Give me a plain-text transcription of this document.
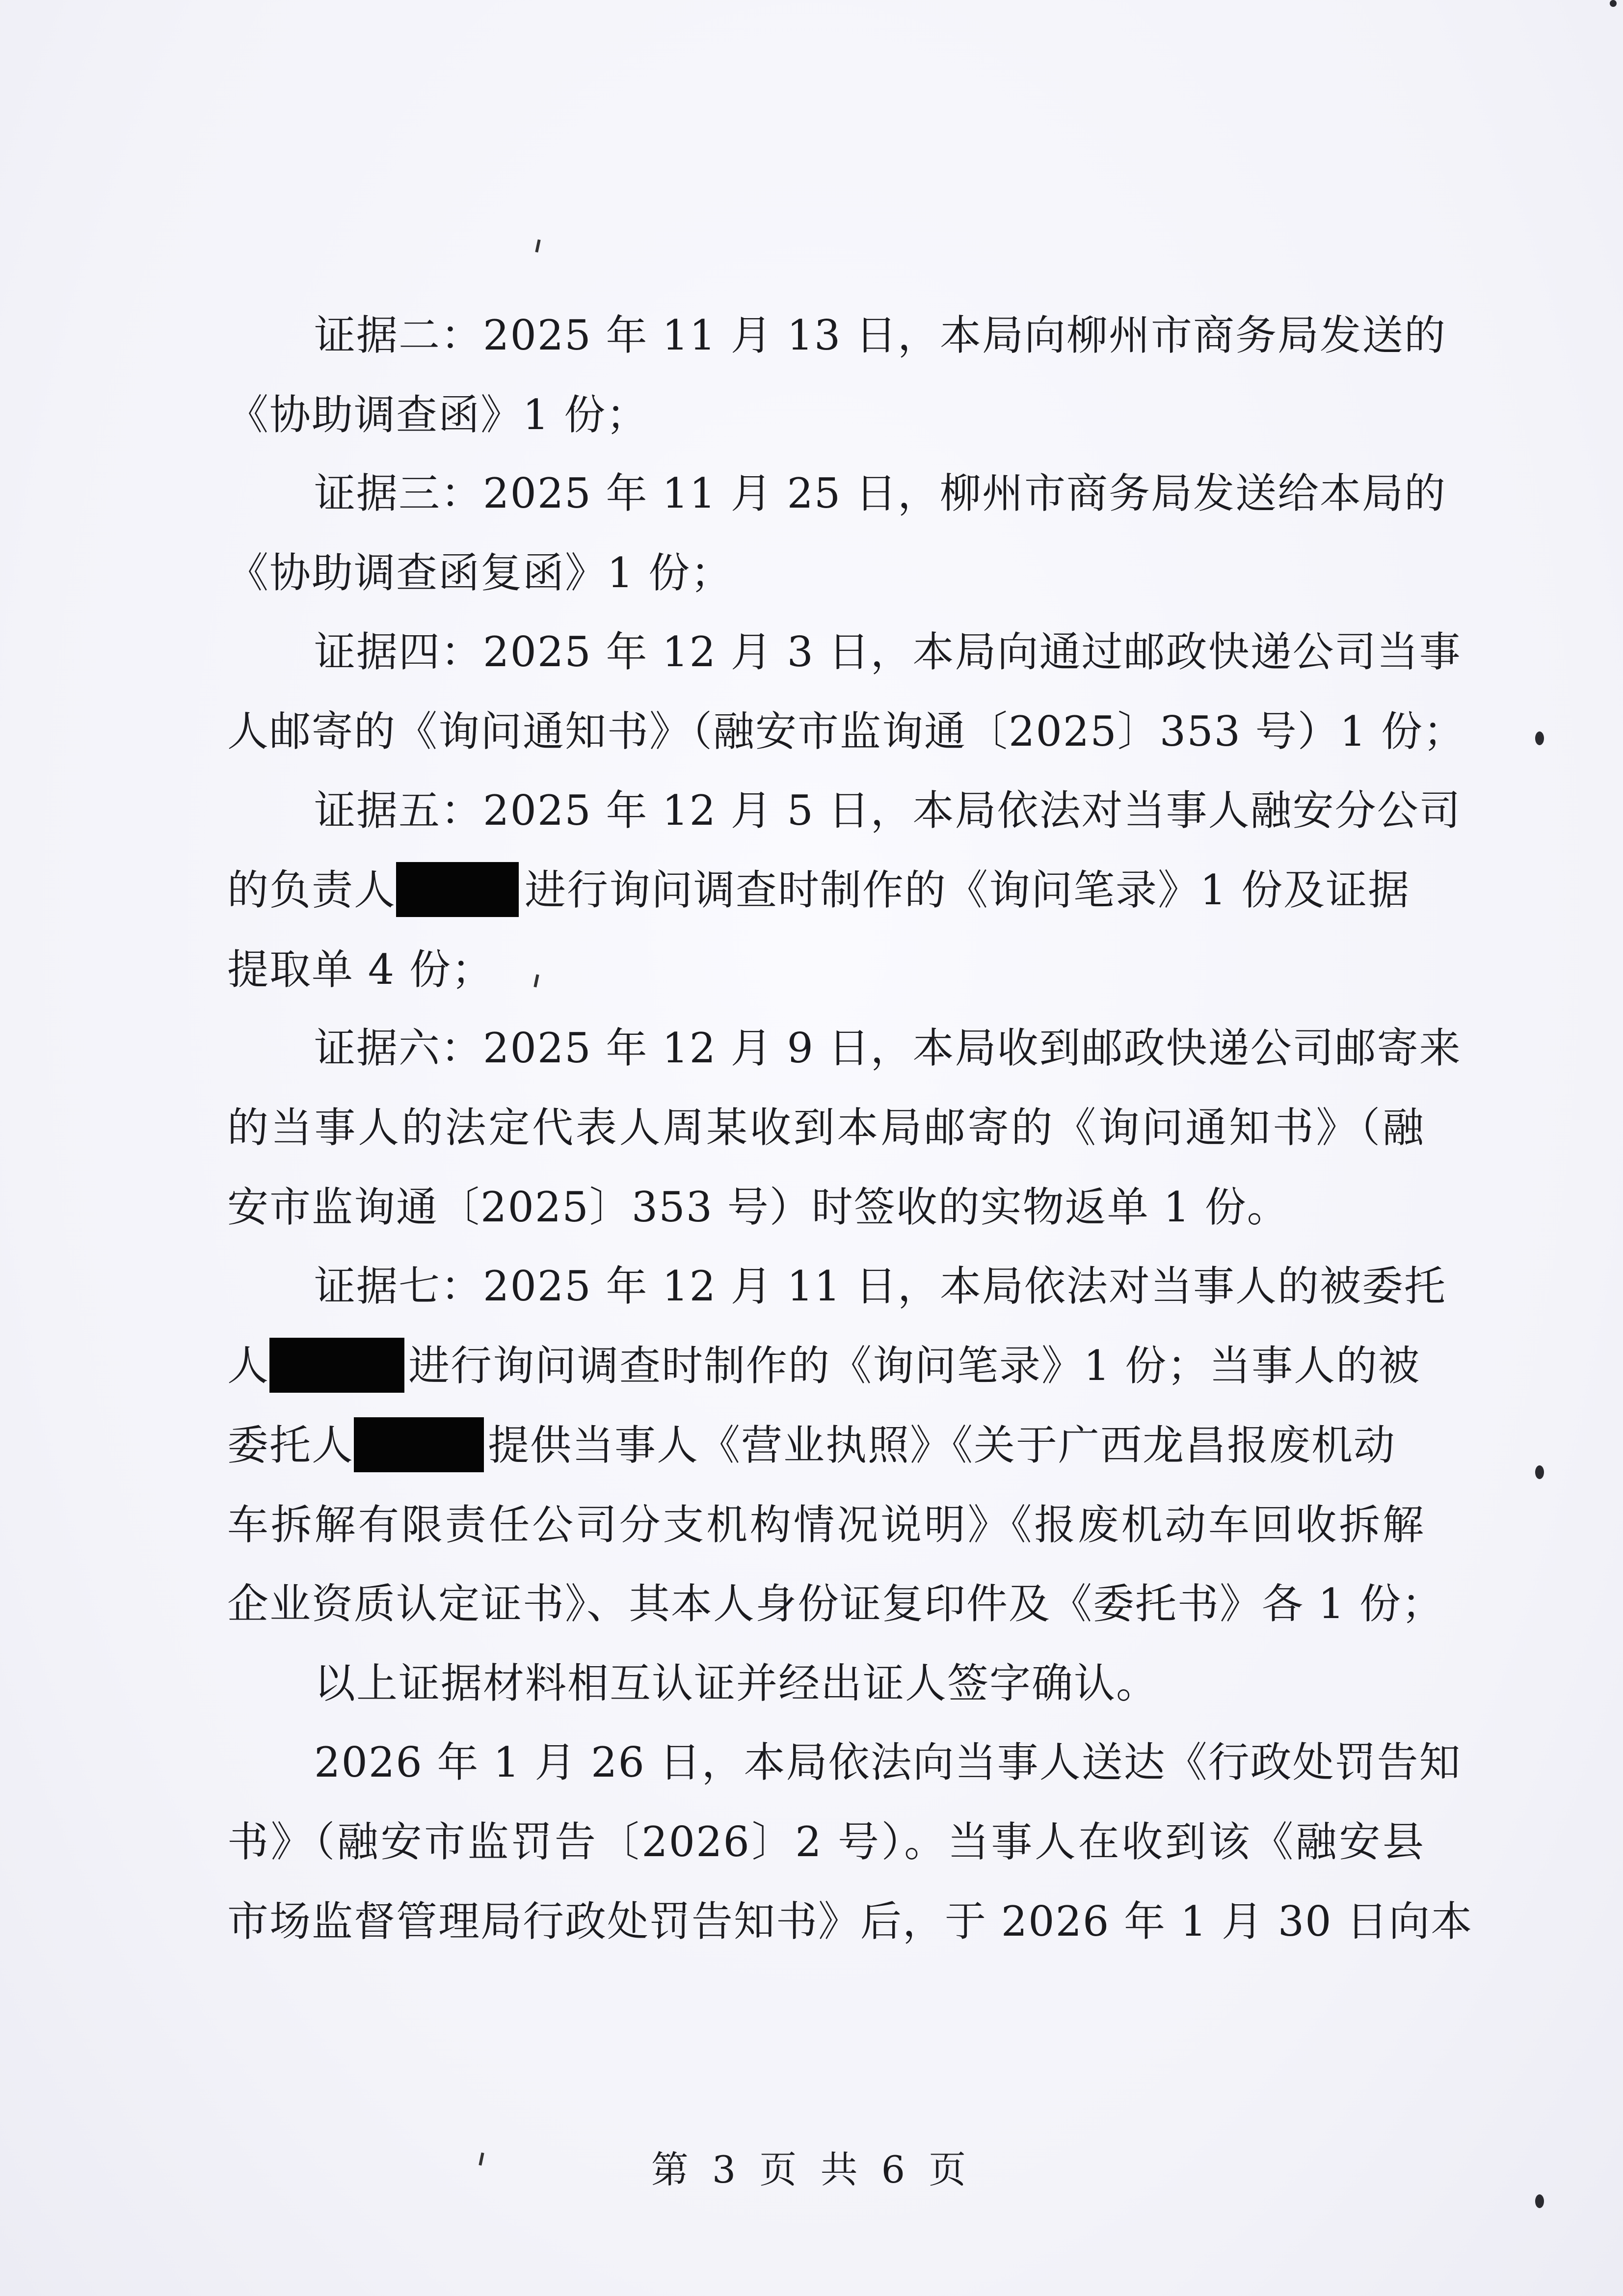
证据二：2025 年 11 月 13 日，本局向柳州市商务局发送的
《协助调查函》1 份；
证据三：2025 年 11 月 25 日，柳州市商务局发送给本局的
《协助调查函复函》1 份；
证据四：2025 年 12 月 3 日，本局向通过邮政快递公司当事
人邮寄的《询问通知书》（融安市监询通〔2025〕353 号）1 份；
证据五：2025 年 12 月 5 日，本局依法对当事人融安分公司
的负责人	进行询问调查时制作的《询问笔录》1 份及证据
提取单 4 份；
证据六：2025 年 12 月 9 日，本局收到邮政快递公司邮寄来
的当事人的法定代表人周某收到本局邮寄的《询问通知书》（融
安市监询通〔2025〕353 号）时签收的实物返单 1 份。
证据七：2025 年 12 月 11 日，本局依法对当事人的被委托
人	进行询问调查时制作的《询问笔录》1 份；当事人的被
委托人	提供当事人《营业执照》《关于广西龙昌报废机动
车拆解有限责任公司分支机构情况说明》《报废机动车回收拆解
企业资质认定证书》、其本人身份证复印件及《委托书》各 1 份；
以上证据材料相互认证并经出证人签字确认。
2026 年 1 月 26 日，本局依法向当事人送达《行政处罚告知
书》（融安市监罚告〔2026〕2 号）。当事人在收到该《融安县
市场监督管理局行政处罚告知书》后，于 2026 年 1 月 30 日向本
第 3 页 共 6 页
